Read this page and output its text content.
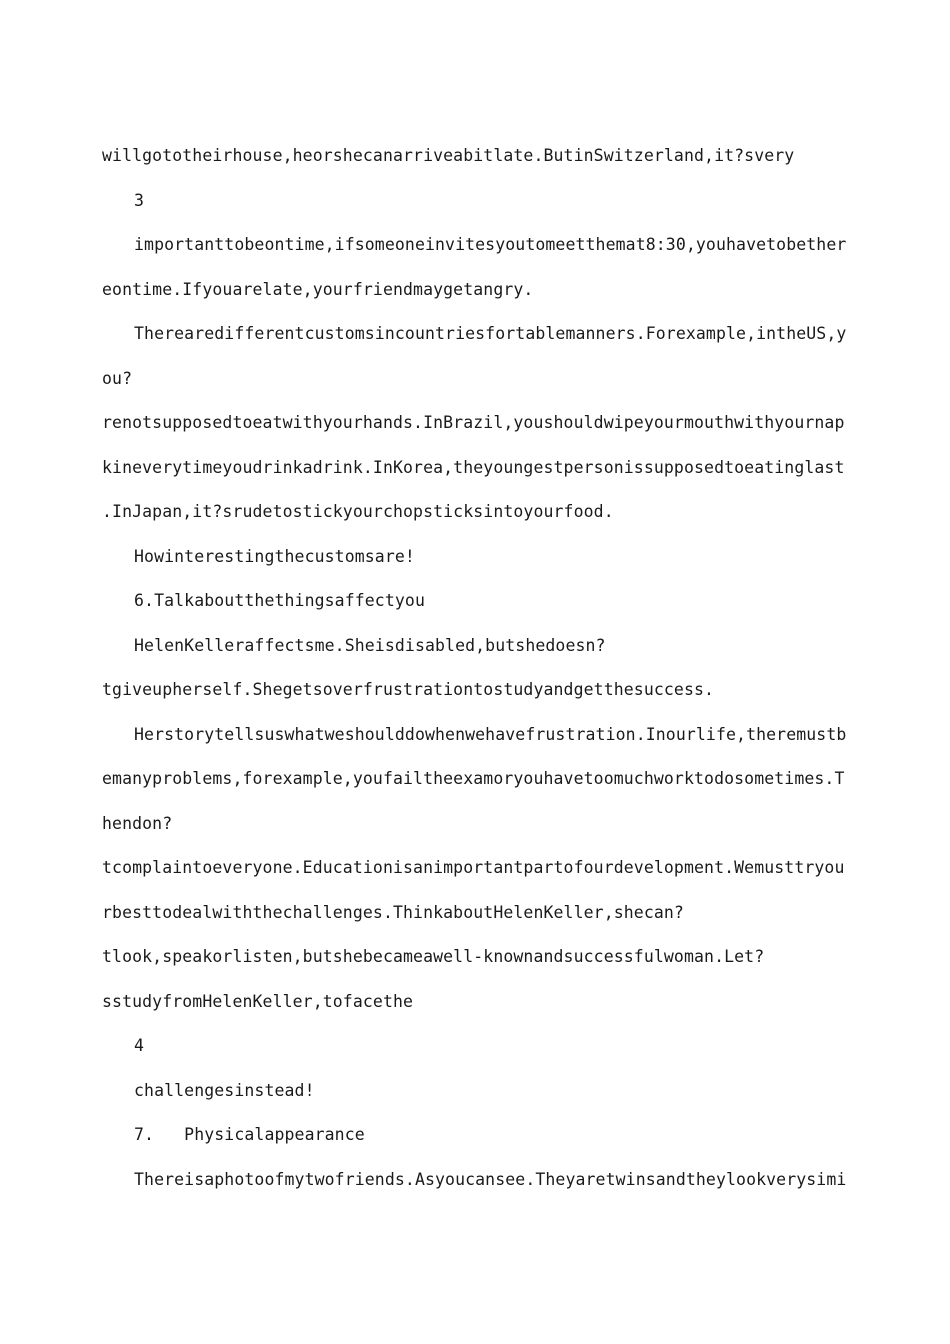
willgototheirhouse,heorshecanarriveabitlate.ButinSwitzerland,it?svery
3
importanttobeontime,ifsomeoneinvitesyoutomeetthemat8:30,youhavetobether
eontime.Ifyouarelate,yourfriendmaygetangry.
Therearedifferentcustomsincountriesfortablemanners.Forexample,intheUS,y
ou?
renotsupposedtoeatwithyourhands.InBrazil,youshouldwipeyourmouthwithyournap
kineverytimeyoudrinkadrink.InKorea,theyoungestpersonissupposedtoeatinglast
.InJapan,it?srudetostickyourchopsticksintoyourfood.
Howinterestingthecustomsare!
6.Talkaboutthethingsaffectyou
HelenKelleraffectsme.Sheisdisabled,butshedoesn?
tgiveupherself.Shegetsoverfrustrationtostudyandgetthesuccess.
Herstorytellsuswhatweshoulddowhenwehavefrustration.Inourlife,theremustb
emanyproblems,forexample,youfailtheexamoryouhavetoomuchworktodosometimes.T
hendon?
tcomplaintoeveryone.Educationisanimportantpartofourdevelopment.Wemusttryou
rbesttodealwiththechallenges.ThinkaboutHelenKeller,shecan?
tlook,speakorlisten,butshebecameawell-knownandsuccessfulwoman.Let?
sstudyfromHelenKeller,tofacethe
4
challengesinstead!
7.   Physicalappearance
Thereisaphotoofmytwofriends.Asyoucansee.Theyaretwinsandtheylookverysimi
